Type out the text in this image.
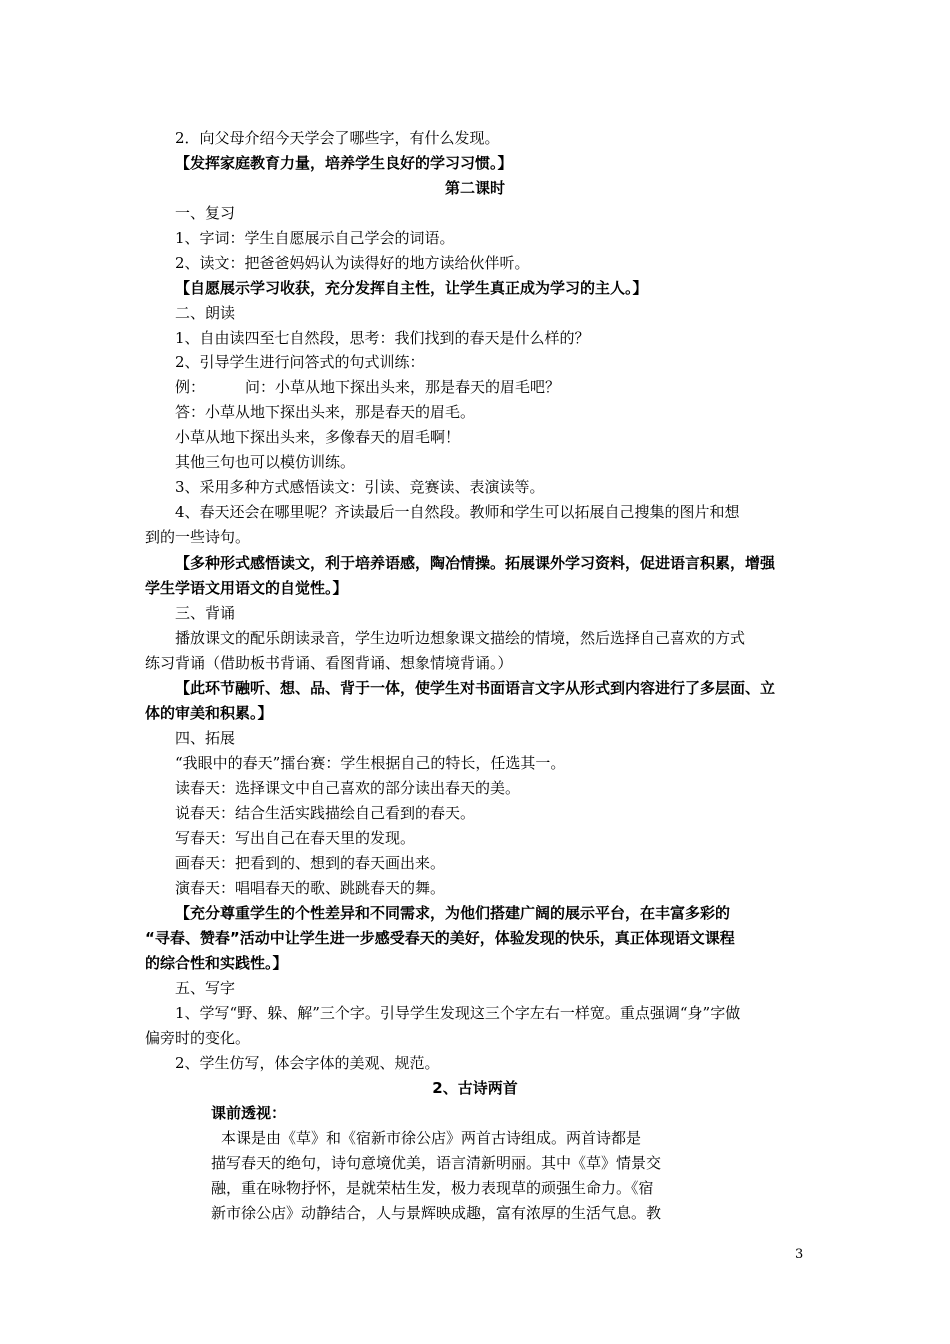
2．向父母介绍今天学会了哪些字，有什么发现。
【发挥家庭教育力量，培养学生良好的学习习惯。】
第二课时
一、复习
1、字词：学生自愿展示自己学会的词语。
2、读文：把爸爸妈妈认为读得好的地方读给伙伴听。
【自愿展示学习收获，充分发挥自主性，让学生真正成为学习的主人。】
二、朗读
1、自由读四至七自然段，思考：我们找到的春天是什么样的？
2、引导学生进行问答式的句式训练：
例：	问：小草从地下探出头来，那是春天的眉毛吧？
答：小草从地下探出头来，那是春天的眉毛。
小草从地下探出头来，多像春天的眉毛啊！
其他三句也可以模仿训练。
3、采用多种方式感悟读文：引读、竞赛读、表演读等。
4、春天还会在哪里呢？齐读最后一自然段。教师和学生可以拓展自己搜集的图片和想
到的一些诗句。
【多种形式感悟读文，利于培养语感，陶冶情操。拓展课外学习资料，促进语言积累，增强
学生学语文用语文的自觉性。】
三、背诵
播放课文的配乐朗读录音，学生边听边想象课文描绘的情境，然后选择自己喜欢的方式
练习背诵（借助板书背诵、看图背诵、想象情境背诵。）
【此环节融听、想、品、背于一体，使学生对书面语言文字从形式到内容进行了多层面、立
体的审美和积累。】
四、拓展
“我眼中的春天”擂台赛：学生根据自己的特长，任选其一。
读春天：选择课文中自己喜欢的部分读出春天的美。
说春天：结合生活实践描绘自己看到的春天。
写春天：写出自己在春天里的发现。
画春天：把看到的、想到的春天画出来。
演春天：唱唱春天的歌、跳跳春天的舞。
【充分尊重学生的个性差异和不同需求，为他们搭建广阔的展示平台，在丰富多彩的
“寻春、赞春”活动中让学生进一步感受春天的美好，体验发现的快乐，真正体现语文课程
的综合性和实践性。】
五、写字
1、学写“野、躲、解”三个字。引导学生发现这三个字左右一样宽。重点强调“身”字做
偏旁时的变化。
2、学生仿写，体会字体的美观、规范。
2、古诗两首
课前透视：
本课是由《草》和《宿新市徐公店》两首古诗组成。两首诗都是
描写春天的绝句，诗句意境优美，语言清新明丽。其中《草》情景交
融，重在咏物抒怀，是就荣枯生发，极力表现草的顽强生命力。《宿
新市徐公店》动静结合，人与景辉映成趣，富有浓厚的生活气息。教
3
